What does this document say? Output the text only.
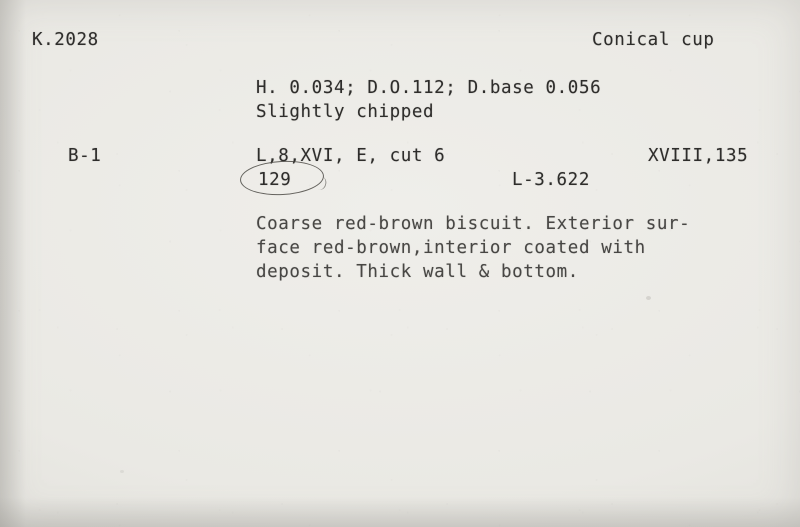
K.2028	Conical cup
H. 0.034; D.O.112; D.base 0.056
Slightly chipped
B-1	L,8,XVI, E, cut 6	XVIII,135
129	L-3.622
Coarse red-brown biscuit. Exterior sur-
face red-brown,interior coated with
deposit. Thick wall & bottom.
